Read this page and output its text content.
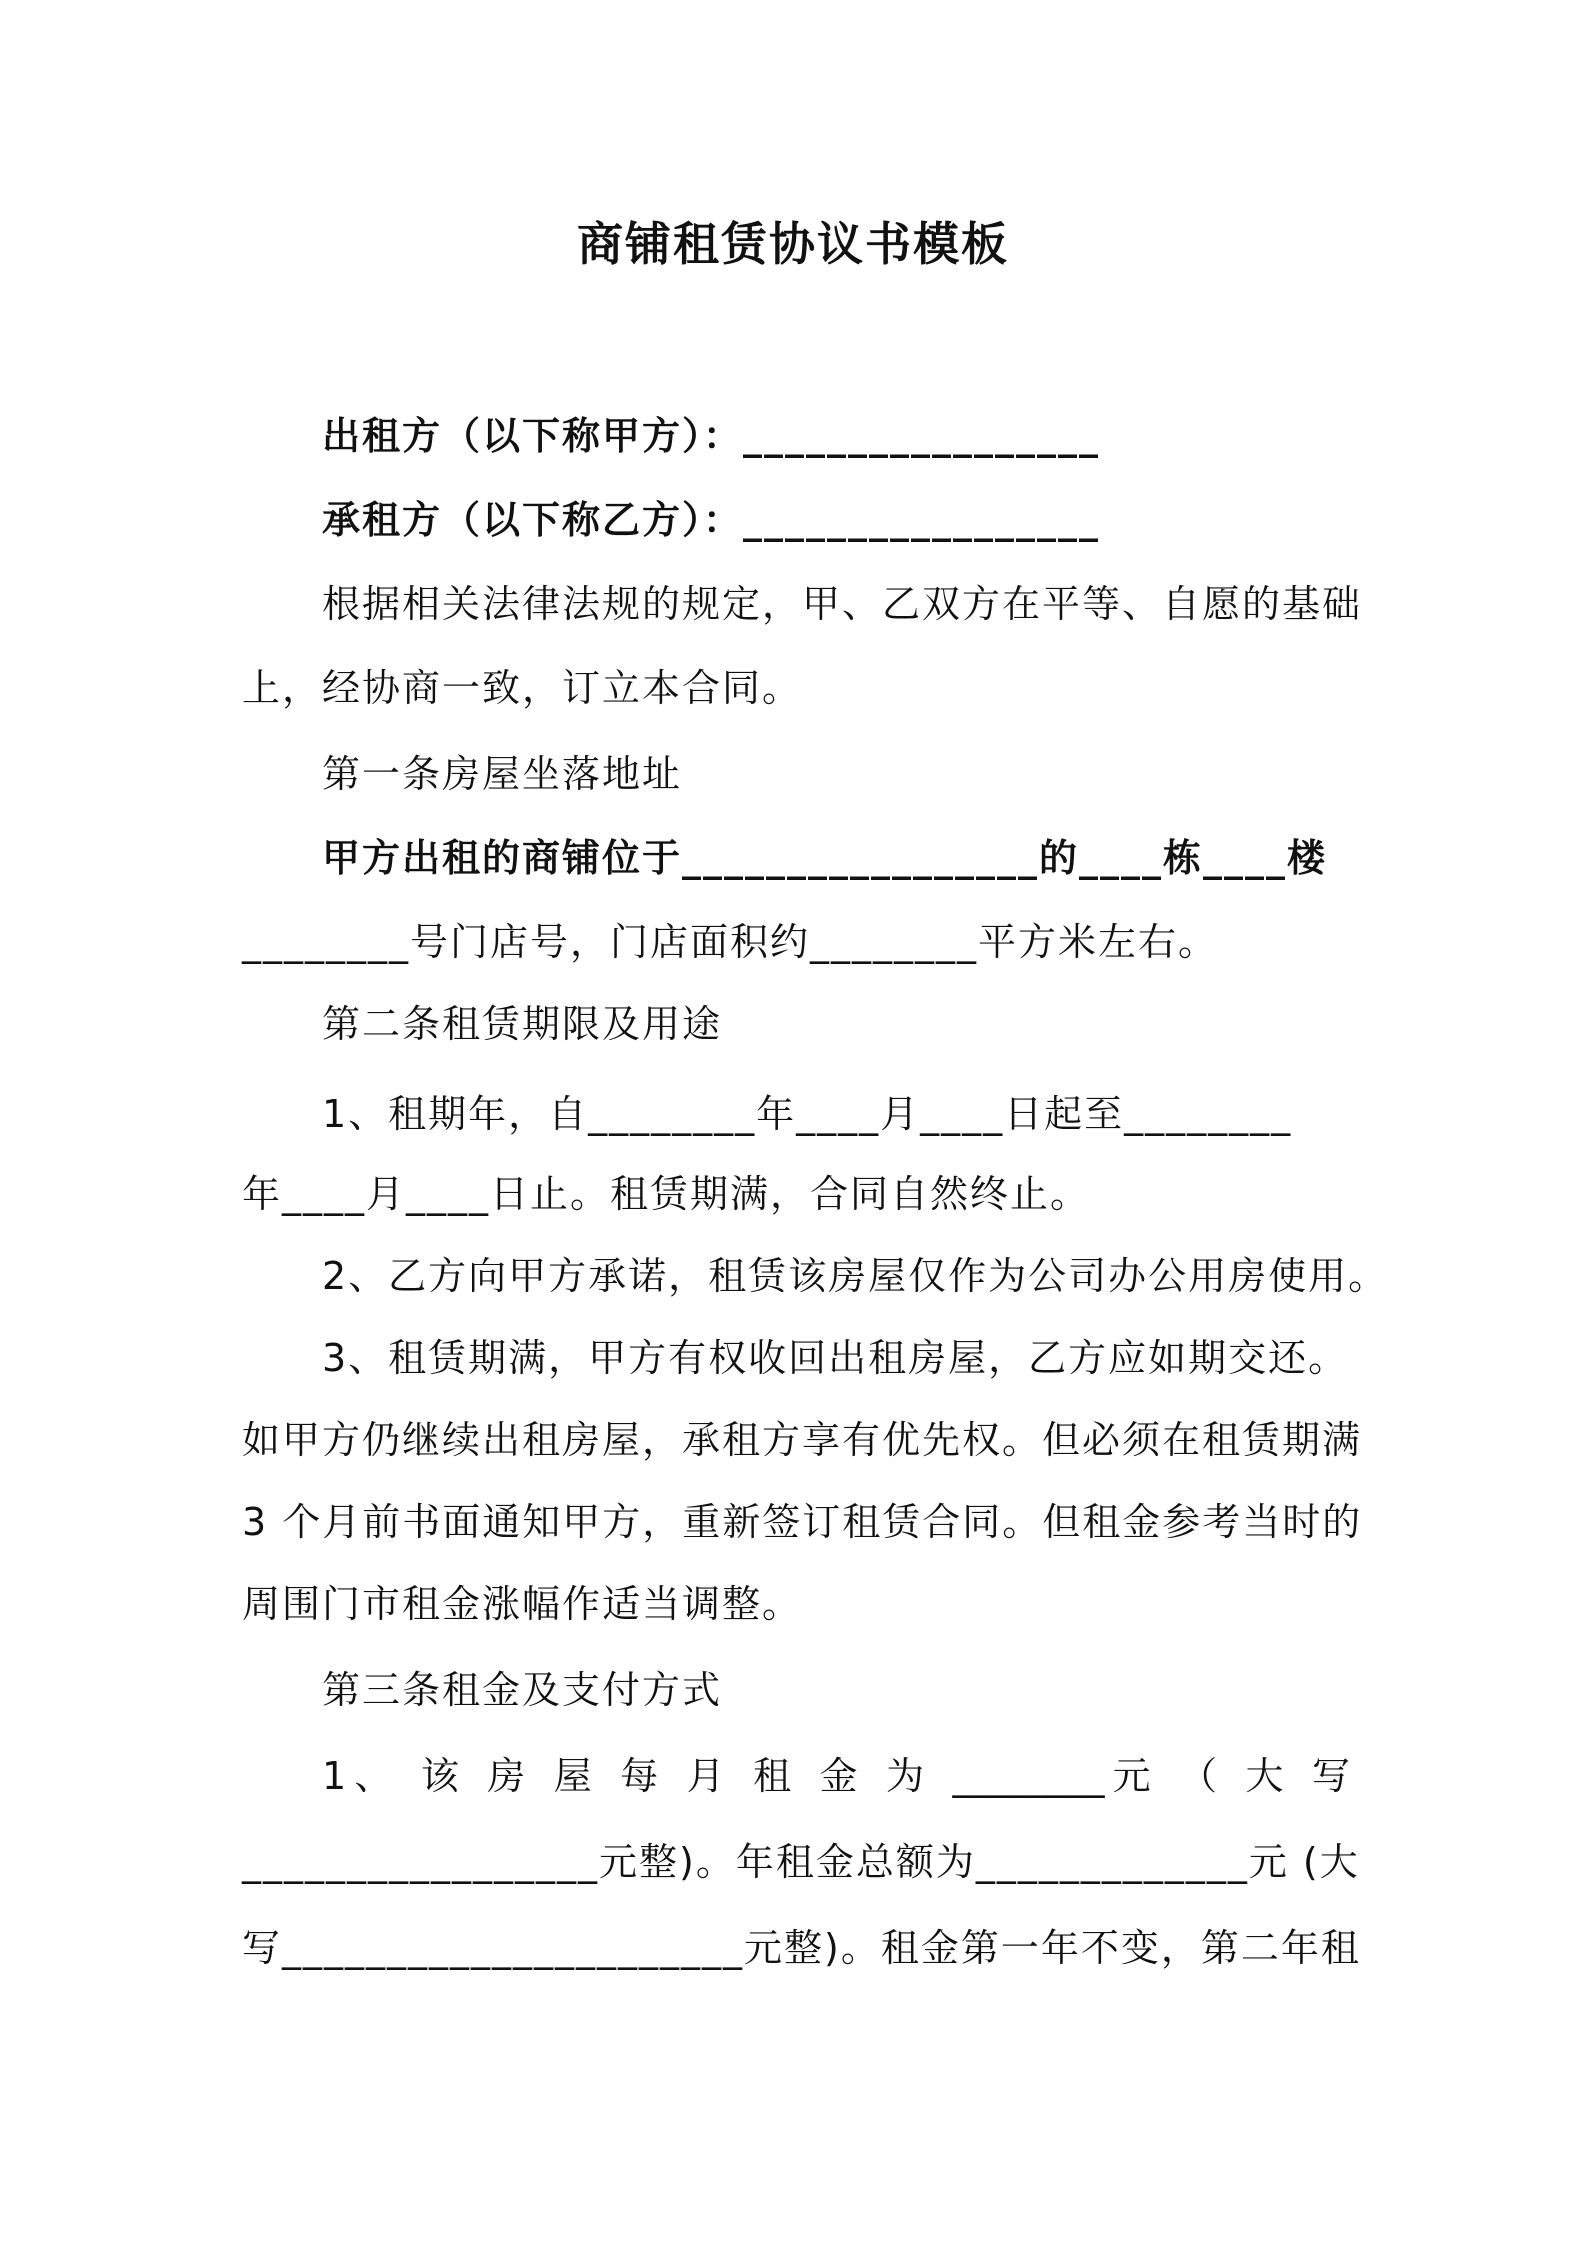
商铺租赁协议书模板
出租方（以下称甲方）：_________________
承租方（以下称乙方）：_________________
根据相关法律法规的规定，甲、乙双方在平等、自愿的基础
上，经协商一致，订立本合同。
第一条房屋坐落地址
甲方出租的商铺位于_________________的____栋____楼
________号门店号，门店面积约________平方米左右。
第二条租赁期限及用途
1、租期年，自________年____月____日起至________
年____月____日止。租赁期满，合同自然终止。
2、乙方向甲方承诺，租赁该房屋仅作为公司办公用房使用。
3、租赁期满，甲方有权收回出租房屋，乙方应如期交还。
如甲方仍继续出租房屋，承租方享有优先权。但必须在租赁期满
3 个月前书面通知甲方，重新签订租赁合同。但租金参考当时的
周围门市租金涨幅作适当调整。
第三条租金及支付方式
1、 该 房 屋 每 月 租 金 为 ________元 （ 大 写
_________________元整)。年租金总额为_____________元 (大
写______________________元整)。租金第一年不变，第二年租
